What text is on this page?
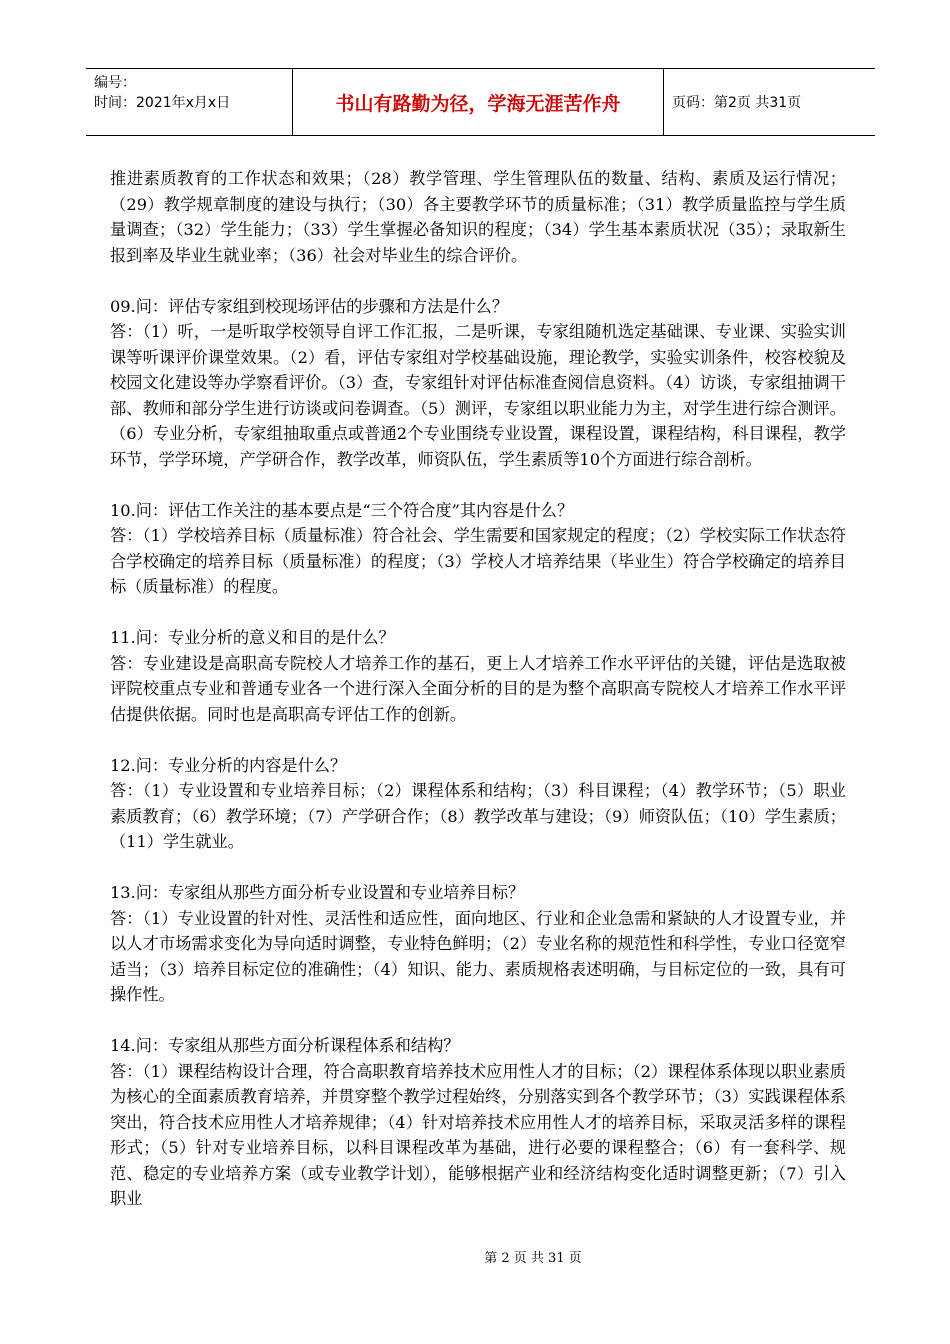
编号：
时间：2021年x月x日	书山有路勤为径，学海无涯苦作舟	页码：第2页 共31页

推进素质教育的工作状态和效果；（28）教学管理、学生管理队伍的数量、结构、素质及运行情况；（29）教学规章制度的建设与执行；（30）各主要教学环节的质量标准；（31）教学质量监控与学生质量调查；（32）学生能力；（33）学生掌握必备知识的程度；（34）学生基本素质状况（35）；录取新生报到率及毕业生就业率；（36）社会对毕业生的综合评价。

09.问：评估专家组到校现场评估的步骤和方法是什么？

答：（1）听，一是听取学校领导自评工作汇报，二是听课，专家组随机选定基础课、专业课、实验实训课等听课评价课堂效果。（2）看，评估专家组对学校基础设施，理论教学，实验实训条件，校容校貌及校园文化建设等办学察看评价。（3）查，专家组针对评估标准查阅信息资料。（4）访谈，专家组抽调干部、教师和部分学生进行访谈或问卷调查。（5）测评，专家组以职业能力为主，对学生进行综合测评。（6）专业分析，专家组抽取重点或普通2个专业围绕专业设置，课程设置，课程结构，科目课程，教学环节，学学环境，产学研合作，教学改革，师资队伍，学生素质等10个方面进行综合剖析。

10.问：评估工作关注的基本要点是“三个符合度”其内容是什么？

答：（1）学校培养目标（质量标准）符合社会、学生需要和国家规定的程度；（2）学校实际工作状态符合学校确定的培养目标（质量标准）的程度；（3）学校人才培养结果（毕业生）符合学校确定的培养目标（质量标准）的程度。

11.问：专业分析的意义和目的是什么？

答：专业建设是高职高专院校人才培养工作的基石，更上人才培养工作水平评估的关键，评估是选取被评院校重点专业和普通专业各一个进行深入全面分析的目的是为整个高职高专院校人才培养工作水平评估提供依据。同时也是高职高专评估工作的创新。

12.问：专业分析的内容是什么？

答：（1）专业设置和专业培养目标；（2）课程体系和结构；（3）科目课程；（4）教学环节；（5）职业素质教育；（6）教学环境；（7）产学研合作；（8）教学改革与建设；（9）师资队伍；（10）学生素质；（11）学生就业。

13.问：专家组从那些方面分析专业设置和专业培养目标？

答：（1）专业设置的针对性、灵活性和适应性，面向地区、行业和企业急需和紧缺的人才设置专业，并以人才市场需求变化为导向适时调整，专业特色鲜明；（2）专业名称的规范性和科学性，专业口径宽窄适当；（3）培养目标定位的准确性；（4）知识、能力、素质规格表述明确，与目标定位的一致，具有可操作性。

14.问：专家组从那些方面分析课程体系和结构？

答：（1）课程结构设计合理，符合高职教育培养技术应用性人才的目标；（2）课程体系体现以职业素质为核心的全面素质教育培养，并贯穿整个教学过程始终，分别落实到各个教学环节；（3）实践课程体系突出，符合技术应用性人才培养规律；（4）针对培养技术应用性人才的培养目标，采取灵活多样的课程形式；（5）针对专业培养目标，以科目课程改革为基础，进行必要的课程整合；（6）有一套科学、规范、稳定的专业培养方案（或专业教学计划），能够根据产业和经济结构变化适时调整更新；（7）引入职业

第 2 页 共 31 页
